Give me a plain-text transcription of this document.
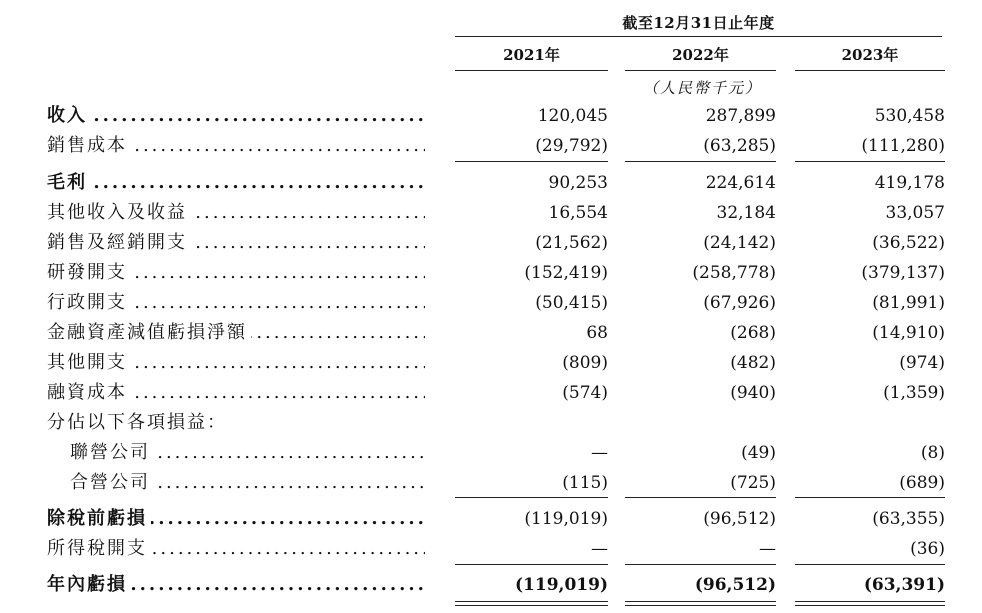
截至12月31日止年度
2021年	2022年	2023年
（人民幣千元）
收入 .....	120,045	287,899	530,458
銷售成本 .....	(29,792)	(63,285)	(111,280)
毛利 .....	90,253	224,614	419,178
其他收入及收益 .....	16,554	32,184	33,057
銷售及經銷開支 .....	(21,562)	(24,142)	(36,522)
研發開支 .....	(152,419)	(258,778)	(379,137)
行政開支 .....	(50,415)	(67,926)	(81,991)
金融資產減值虧損淨額 .....	68	(268)	(14,910)
其他開支 .....	(809)	(482)	(974)
融資成本 .....	(574)	(940)	(1,359)
分佔以下各項損益：
聯營公司 .....	—	(49)	(8)
合營公司 .....	(115)	(725)	(689)
除稅前虧損 .....	(119,019)	(96,512)	(63,355)
所得稅開支 .....	—	—	(36)
年內虧損 .....	(119,019)	(96,512)	(63,391)
